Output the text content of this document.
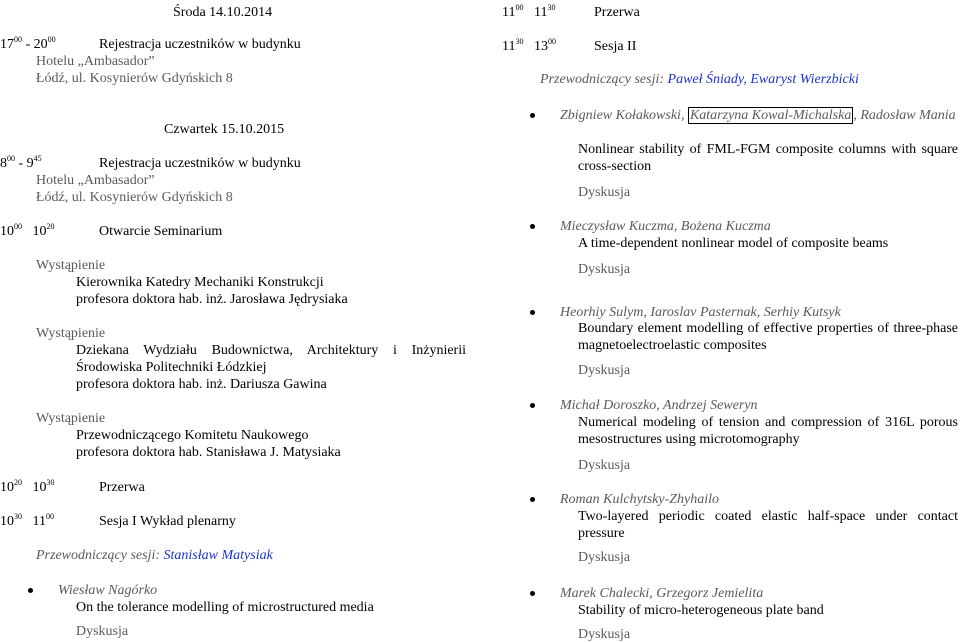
Środa 14.10.2014
$17^{00} - 20^{00}$	Rejestracja uczestników w budynku
Hotelu „Ambasador”
Łódź, ul. Kosynierów Gdyńskich 8
Czwartek 15.10.2015
$8^{00} - 9^{45}$	Rejestracja uczestników w budynku
Hotelu „Ambasador”
Łódź, ul. Kosynierów Gdyńskich 8
$10^{00}$   $10^{20}$	Otwarcie Seminarium
Wystąpienie
Kierownika Katedry Mechaniki Konstrukcji
profesora doktora hab. inż. Jarosława Jędrysiaka
Wystąpienie
Dziekana Wydziału Budownictwa, Architektury i Inżynierii
Środowiska Politechniki Łódzkiej
profesora doktora hab. inż. Dariusza Gawina
Wystąpienie
Przewodniczącego Komitetu Naukowego
profesora doktora hab. Stanisława J. Matysiaka
$10^{20}$   $10^{30}$	Przerwa
$10^{30}$   $11^{00}$	Sesja I Wykład plenarny
Przewodniczący sesji: Stanisław Matysiak
Wiesław Nagórko
On the tolerance modelling of microstructured media
Dyskusja
$11^{00}$   $11^{30}$	Przerwa
$11^{30}$   $13^{00}$	Sesja II
Przewodniczący sesji: Paweł Śniady, Ewaryst Wierzbicki
Zbigniew Kołakowski, Katarzyna Kowal-Michalska , Radosław Mania
Nonlinear stability of FML-FGM composite columns with square cross-section
Dyskusja
Mieczysław Kuczma, Bożena Kuczma
A time-dependent nonlinear model of composite beams
Dyskusja
Heorhiy Sulym, Iaroslav Pasternak, Serhiy Kutsyk
Boundary element modelling of effective properties of three-phase magnetoelectroelastic composites
Dyskusja
Michał Doroszko, Andrzej Seweryn
Numerical modeling of tension and compression of 316L porous mesostructures using microtomography
Dyskusja
Roman Kulchytsky-Zhyhailo
Two-layered periodic coated elastic half-space under contact pressure
Dyskusja
Marek Chalecki, Grzegorz Jemielita
Stability of micro-heterogeneous plate band
Dyskusja
